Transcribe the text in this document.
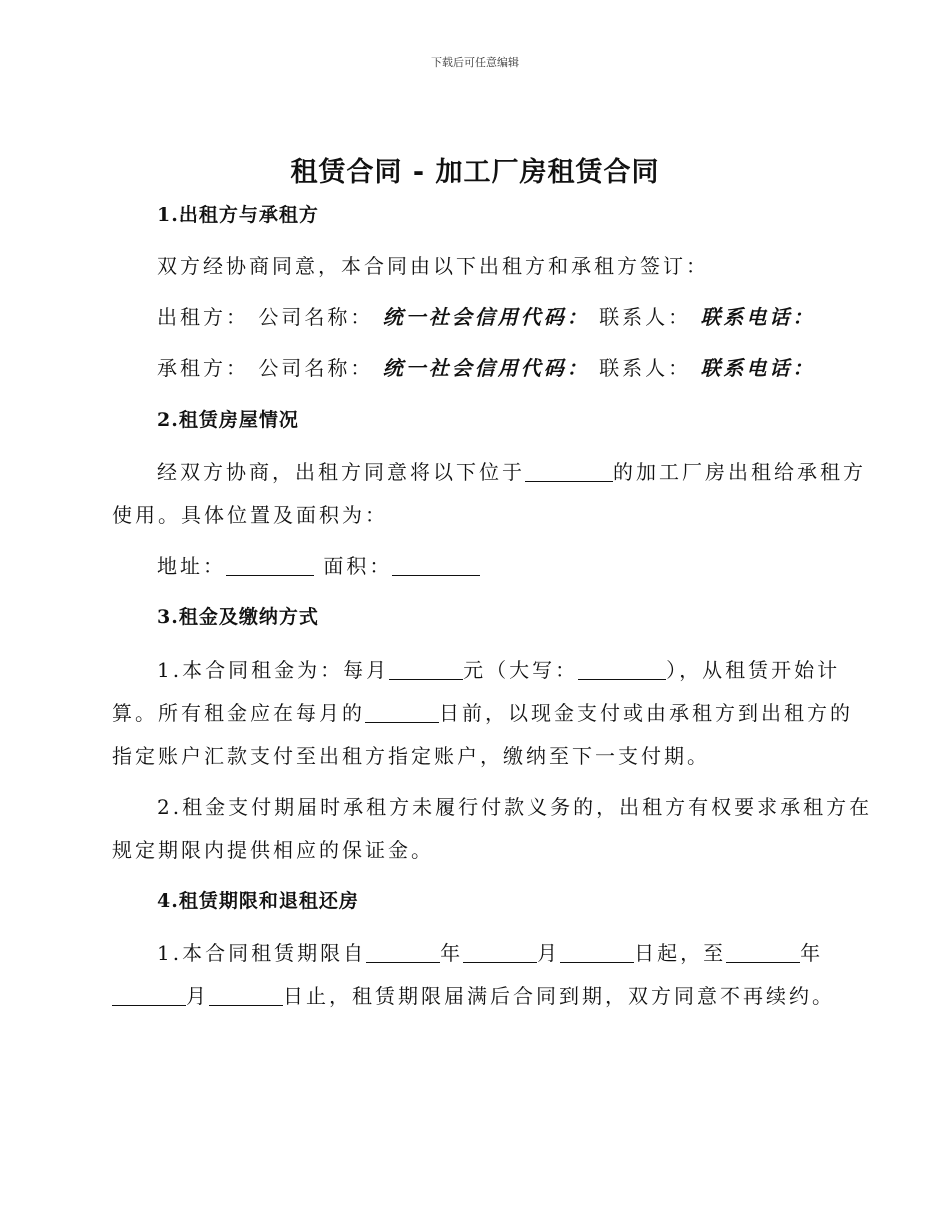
下载后可任意编辑
租赁合同 - 加工厂房租赁合同
1.出租方与承租方
双方经协商同意，本合同由以下出租方和承租方签订：
出租方： 公司名称： 统一社会信用代码： 联系人： 联系电话：
承租方： 公司名称： 统一社会信用代码： 联系人： 联系电话：
2.租赁房屋情况
经双方协商，出租方同意将以下位于	的加工厂房出租给承租方
使用。具体位置及面积为：
地址：	面积：
3.租金及缴纳方式
1.本合同租金为：每月	元（大写：	），从租赁开始计
算。所有租金应在每月的	日前，以现金支付或由承租方到出租方的
指定账户汇款支付至出租方指定账户，缴纳至下一支付期。
2.租金支付期届时承租方未履行付款义务的，出租方有权要求承租方在
规定期限内提供相应的保证金。
4.租赁期限和退租还房
1.本合同租赁期限自	年	月	日起，至	年
月	日止，租赁期限届满后合同到期，双方同意不再续约。
